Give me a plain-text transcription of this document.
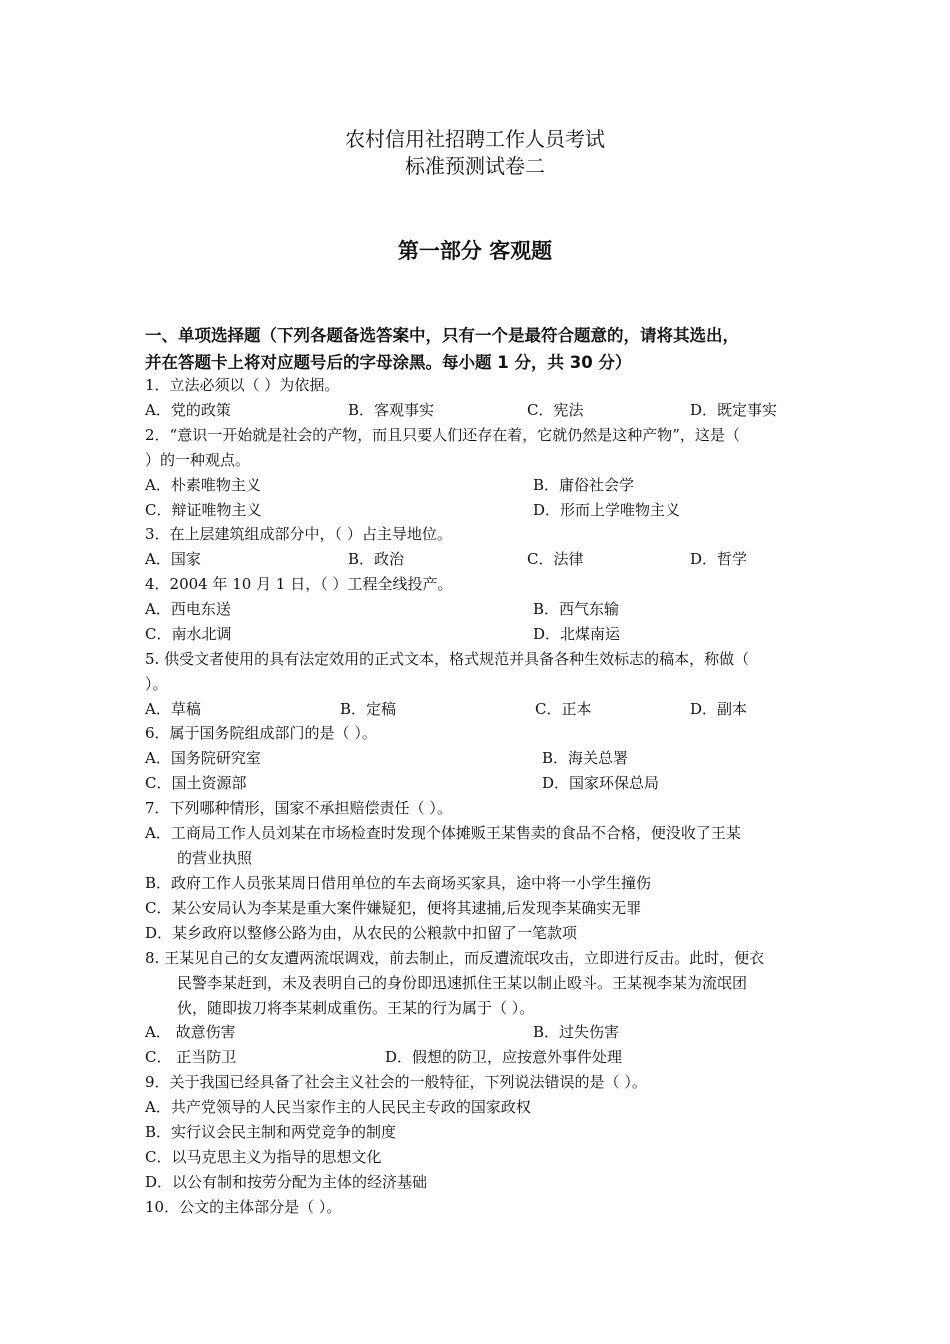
农村信用社招聘工作人员考试
标准预测试卷二
第一部分 客观题
一、单项选择题（下列各题备选答案中，只有一个是最符合题意的，请将其选出，
并在答题卡上将对应题号后的字母涂黑。每小题 1 分，共 30 分）
1．立法必须以（ ）为依据。
A．党的政策	B．客观事实	C．宪法	D．既定事实
2．“意识一开始就是社会的产物，而且只要人们还存在着，它就仍然是这种产物”，这是（
）的一种观点。
A．朴素唯物主义	B．庸俗社会学
C．辩证唯物主义	D．形而上学唯物主义
3．在上层建筑组成部分中，（ ）占主导地位。
A．国家	B．政治	C．法律	D．哲学
4．2004 年 10 月 1 日，（ ）工程全线投产。
A．西电东送	B．西气东输
C．南水北调	D．北煤南运
5. 供受文者使用的具有法定效用的正式文本，格式规范并具备各种生效标志的稿本，称做（
）。
A．草稿	B．定稿	C．正本	D．副本
6．属于国务院组成部门的是（ ）。
A．国务院研究室	B．海关总署
C．国土资源部	D．国家环保总局
7．下列哪种情形，国家不承担赔偿责任（ ）。
A．工商局工作人员刘某在市场检查时发现个体摊贩王某售卖的食品不合格，便没收了王某
的营业执照
B．政府工作人员张某周日借用单位的车去商场买家具，途中将一小学生撞伤
C．某公安局认为李某是重大案件嫌疑犯，便将其逮捕,后发现李某确实无罪
D．某乡政府以整修公路为由，从农民的公粮款中扣留了一笔款项
8. 王某见自己的女友遭两流氓调戏，前去制止，而反遭流氓攻击，立即进行反击。此时，便衣
民警李某赶到，未及表明自己的身份即迅速抓住王某以制止殴斗。王某视李某为流氓团
伙，随即拔刀将李某刺成重伤。王某的行为属于（ ）。
A． 故意伤害	B．过失伤害
C． 正当防卫	D．假想的防卫，应按意外事件处理
9．关于我国已经具备了社会主义社会的一般特征，下列说法错误的是（ ）。
A．共产党领导的人民当家作主的人民民主专政的国家政权
B．实行议会民主制和两党竞争的制度
C．以马克思主义为指导的思想文化
D．以公有制和按劳分配为主体的经济基础
10．公文的主体部分是（ ）。
